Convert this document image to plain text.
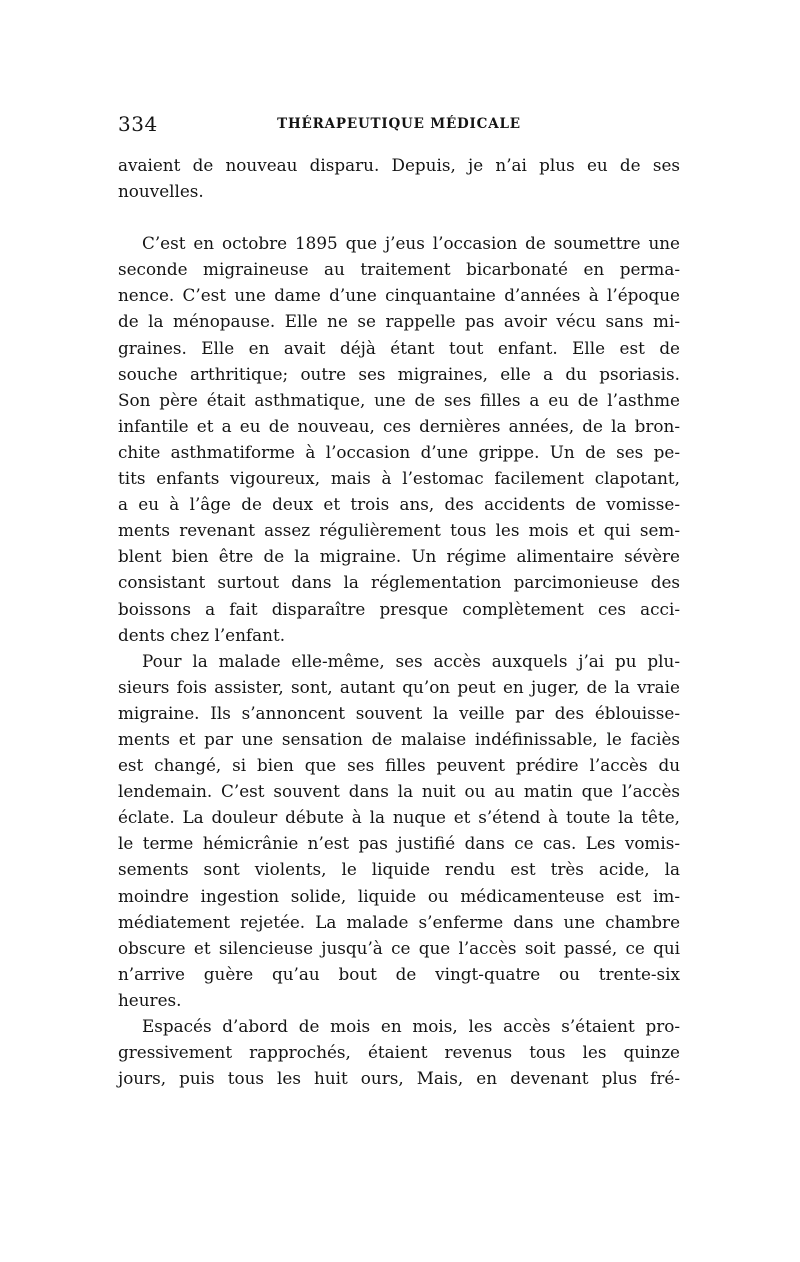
334	THÉRAPEUTIQUE MÉDICALE
avaient de nouveau disparu. Depuis, je n’ai plus eu de ses
nouvelles.
C’est en octobre 1895 que j’eus l’occasion de soumettre une
seconde migraineuse au traitement bicarbonaté en perma-
nence. C’est une dame d’une cinquantaine d’années à l’époque
de la ménopause. Elle ne se rappelle pas avoir vécu sans mi-
graines. Elle en avait déjà étant tout enfant. Elle est de
souche arthritique; outre ses migraines, elle a du psoriasis.
Son père était asthmatique, une de ses filles a eu de l’asthme
infantile et a eu de nouveau, ces dernières années, de la bron-
chite asthmatiforme à l’occasion d’une grippe. Un de ses pe-
tits enfants vigoureux, mais à l’estomac facilement clapotant,
a eu à l’âge de deux et trois ans, des accidents de vomisse-
ments revenant assez régulièrement tous les mois et qui sem-
blent bien être de la migraine. Un régime alimentaire sévère
consistant surtout dans la réglementation parcimonieuse des
boissons a fait disparaître presque complètement ces acci-
dents chez l’enfant.
Pour la malade elle-même, ses accès auxquels j’ai pu plu-
sieurs fois assister, sont, autant qu’on peut en juger, de la vraie
migraine. Ils s’annoncent souvent la veille par des éblouisse-
ments et par une sensation de malaise indéfinissable, le faciès
est changé, si bien que ses filles peuvent prédire l’accès du
lendemain. C’est souvent dans la nuit ou au matin que l’accès
éclate. La douleur débute à la nuque et s’étend à toute la tête,
le terme hémicrânie n’est pas justifié dans ce cas. Les vomis-
sements sont violents, le liquide rendu est très acide, la
moindre ingestion solide, liquide ou médicamenteuse est im-
médiatement rejetée. La malade s’enferme dans une chambre
obscure et silencieuse jusqu’à ce que l’accès soit passé, ce qui
n’arrive guère qu’au bout de vingt-quatre ou trente-six
heures.
Espacés d’abord de mois en mois, les accès s’étaient pro-
gressivement rapprochés, étaient revenus tous les quinze
jours, puis tous les huit ours, Mais, en devenant plus fré-
